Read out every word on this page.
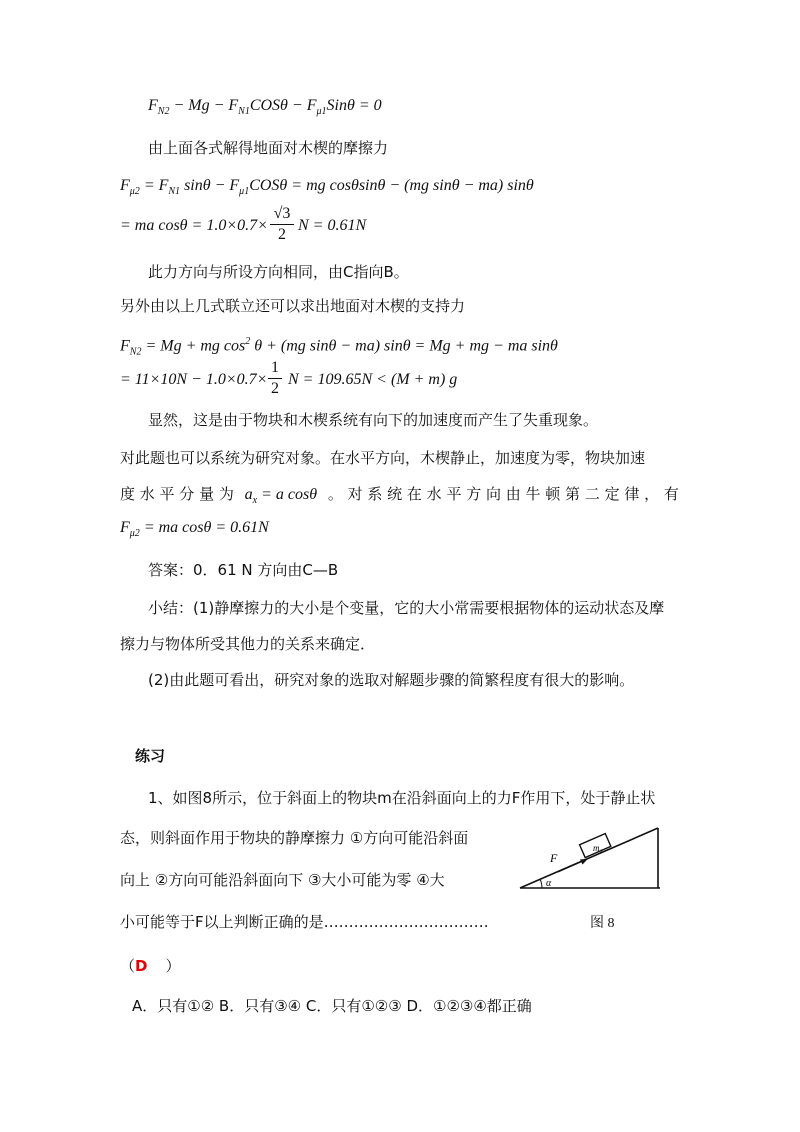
$F_{N2} - Mg - F_{N1}COS\theta - F_{\mu 1}Sin\theta = 0$
由上面各式解得地面对木楔的摩擦力
$F_{\mu 2} = F_{N1}$ $\sin\theta - F_{\mu 1}COS\theta$ = mg cosθsinθ − (mg sinθ − ma) sinθ
= ma cosθ = 1.0×0.7×
√3
2
N = 0.61N
此力方向与所设方向相同，由C指向B。
另外由以上几式联立还可以求出地面对木楔的支持力
$F_{N2} = Mg$ + mg $\cos^2 \theta + (mg$ sinθ − ma) sinθ = Mg + mg − ma sinθ
= 11×10N − 1.0×0.7×
1
2
N = 109.65N < (M + m) g
显然，这是由于物块和木楔系统有向下的加速度而产生了失重现象。
对此题也可以系统为研究对象。在水平方向，木楔静止，加速度为零，物块加速
度 水 平 分 量 为 $a_x = a$ cosθ 。 对 系 统 在 水 平 方 向 由 牛 顿 第 二 定 律 ， 有
$F_{\mu 2}$ = ma cosθ = 0.61N
答案：0．61 N 方向由C—B
小结：(1)静摩擦力的大小是个变量，它的大小常需要根据物体的运动状态及摩
擦力与物体所受其他力的关系来确定．
(2)由此题可看出，研究对象的选取对解题步骤的简繁程度有很大的影响。
练习
1、如图8所示，位于斜面上的物块m在沿斜面向上的力F作用下，处于静止状
态，则斜面作用于物块的静摩擦力 ①方向可能沿斜面
向上 ②方向可能沿斜面向下 ③大小可能为零 ④大
小可能等于F以上判断正确的是……………………………
F
m₂
α
图 8
（D ）
A．只有①② B．只有③④ C．只有①②③ D．①②③④都正确
